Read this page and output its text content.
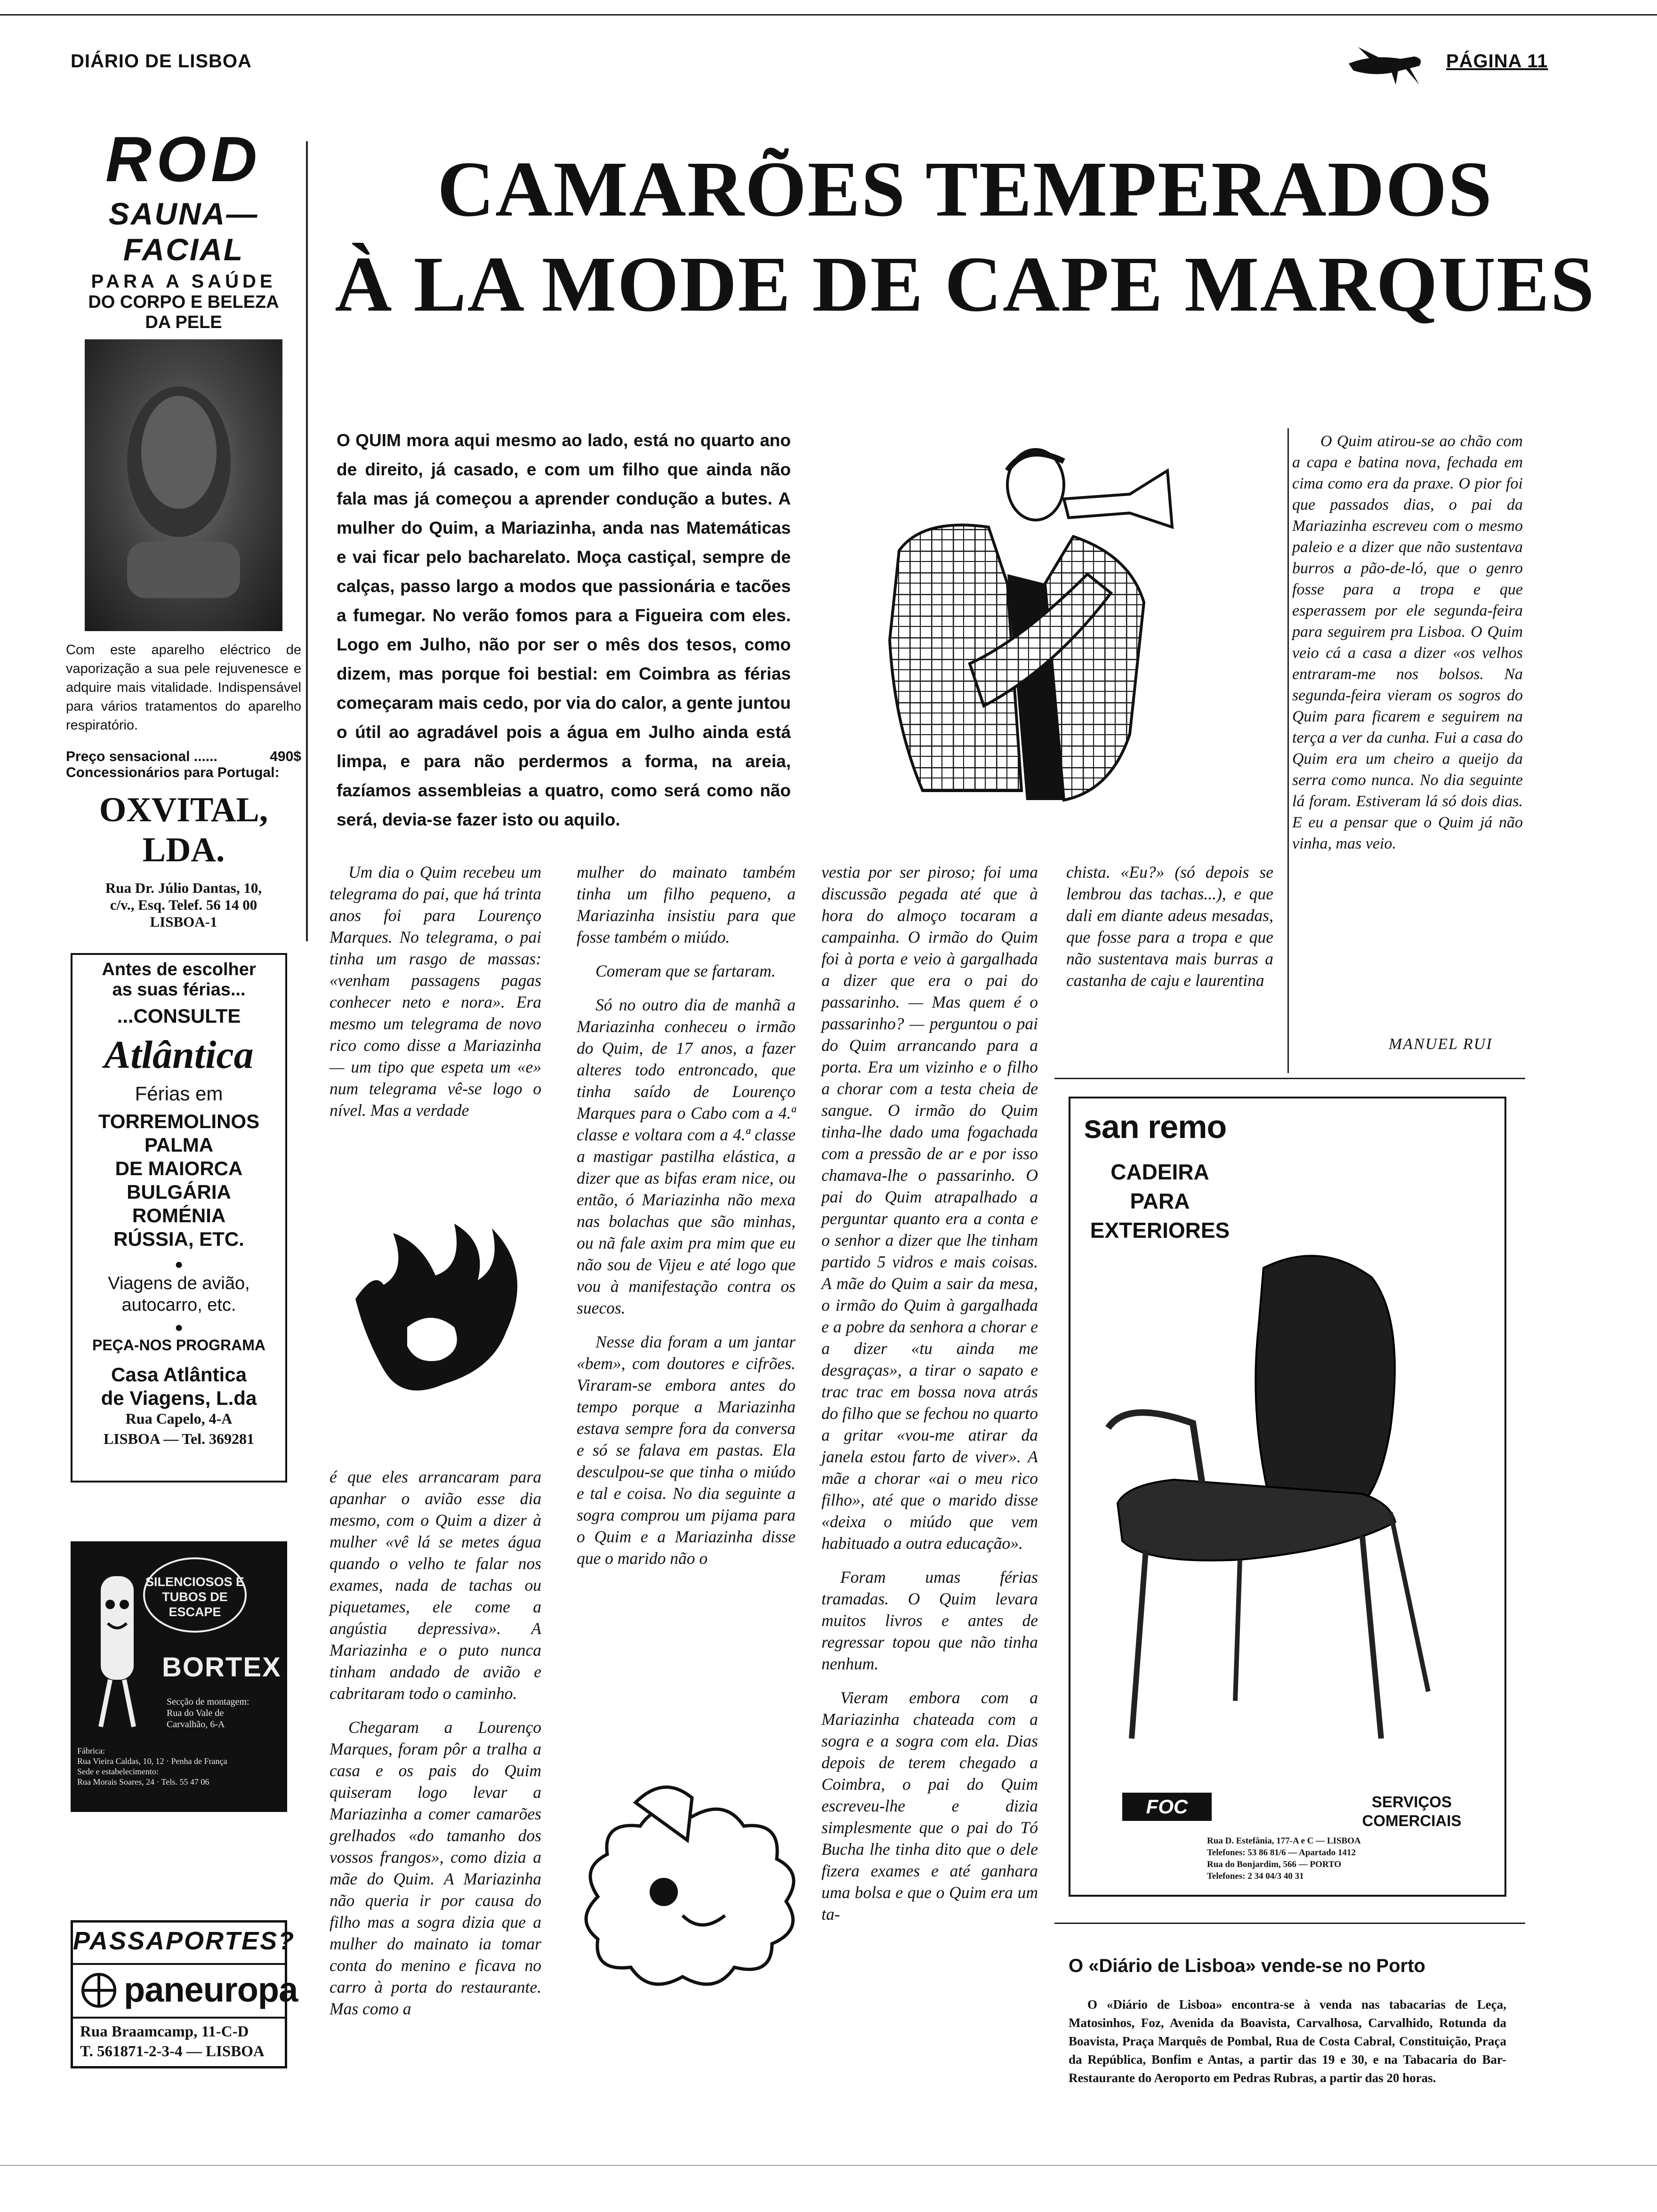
DIÁRIO DE LISBOA	PÁGINA 11
ROD
SAUNA—FACIAL
PARA A SAÚDE
DO CORPO E BELEZA
DA PELE
Com este aparelho eléctrico de vaporização a sua pele rejuvenesce e adquire mais vitalidade. Indispensável para vários tratamentos do aparelho respiratório.
Preço sensacional ......	490$
Concessionários para Portugal:
OXVITAL, LDA.
Rua Dr. Júlio Dantas, 10,
c/v., Esq. Telef. 56 14 00
LISBOA-1
Antes de escolher
as suas férias...
...CONSULTE
Atlântica
Férias em
TORREMOLINOS
PALMA
DE MAIORCA
BULGÁRIA
ROMÉNIA
RÚSSIA, ETC.
●
Viagens de avião, autocarro, etc.
●
PEÇA-NOS PROGRAMA
Casa Atlântica
de Viagens, L.da
Rua Capelo, 4-A
LISBOA — Tel. 369281
SILENCIOSOS E TUBOS DE ESCAPE
BORTEX
Secção de montagem:
Rua do Vale de
Carvalhão, 6-A
Fábrica:
Rua Vieira Caldas, 10, 12 · Penha de França
Sede e estabelecimento:
Rua Morais Soares, 24 · Tels. 55 47 06
PASSAPORTES?
paneuropa
Rua Braamcamp, 11-C-D
T. 561871-2-3-4 — LISBOA
CAMARÕES TEMPERADOS
À LA MODE DE CAPE MARQUES

O QUIM mora aqui mesmo ao lado, está no quarto ano de direito, já casado, e com um filho que ainda não fala mas já começou a aprender condução a butes. A mulher do Quim, a Mariazinha, anda nas Matemáticas e vai ficar pelo bacharelato. Moça castiçal, sempre de calças, passo largo a modos que passionária e tacões a fumegar. No verão fomos para a Figueira com eles. Logo em Julho, não por ser o mês dos tesos, como dizem, mas porque foi bestial: em Coimbra as férias começaram mais cedo, por via do calor, a gente juntou o útil ao agradável pois a água em Julho ainda está limpa, e para não perdermos a forma, na areia, fazíamos assembleias a quatro, como será como não será, devia-se fazer isto ou aquilo.

O Quim atirou-se ao chão com a capa e batina nova, fechada em cima como era da praxe. O pior foi que passados dias, o pai da Mariazinha escreveu com o mesmo paleio e a dizer que não sustentava burros a pão-de-ló, que o genro fosse para a tropa e que esperassem por ele segunda-feira para seguirem pra Lisboa. O Quim veio cá a casa a dizer «os velhos entraram-me nos bolsos. Na segunda-feira vieram os sogros do Quim para ficarem e seguirem na terça a ver da cunha. Fui a casa do Quim era um cheiro a queijo da serra como nunca. No dia seguinte lá foram. Estiveram lá só dois dias. E eu a pensar que o Quim já não vinha, mas veio.

Um dia o Quim recebeu um telegrama do pai, que há trinta anos foi para Lourenço Marques. No telegrama, o pai tinha um rasgo de massas: «venham passagens pagas conhecer neto e nora». Era mesmo um telegrama de novo rico como disse a Mariazinha — um tipo que espeta um «e» num telegrama vê-se logo o nível. Mas a verdade

é que eles arrancaram para apanhar o avião esse dia mesmo, com o Quim a dizer à mulher «vê lá se metes água quando o velho te falar nos exames, nada de tachas ou piquetames, ele come a angústia depressiva». A Mariazinha e o puto nunca tinham andado de avião e cabritaram todo o caminho.

Chegaram a Lourenço Marques, foram pôr a tralha a casa e os pais do Quim quiseram logo levar a Mariazinha a comer camarões grelhados «do tamanho dos vossos frangos», como dizia a mãe do Quim. A Mariazinha não queria ir por causa do filho mas a sogra dizia que a mulher do mainato ia tomar conta do menino e ficava no carro à porta do restaurante. Mas como a

mulher do mainato também tinha um filho pequeno, a Mariazinha insistiu para que fosse também o miúdo.

Comeram que se fartaram.

Só no outro dia de manhã a Mariazinha conheceu o irmão do Quim, de 17 anos, a fazer alteres todo entroncado, que tinha saído de Lourenço Marques para o Cabo com a 4.ª classe e voltara com a 4.ª classe a mastigar pastilha elástica, a dizer que as bifas eram nice, ou então, ó Mariazinha não mexa nas bolachas que são minhas, ou nã fale axim pra mim que eu não sou de Vijeu e até logo que vou à manifestação contra os suecos.

Nesse dia foram a um jantar «bem», com doutores e cifrões. Viraram-se embora antes do tempo porque a Mariazinha estava sempre fora da conversa e só se falava em pastas. Ela desculpou-se que tinha o miúdo e tal e coisa. No dia seguinte a sogra comprou um pijama para o Quim e a Mariazinha disse que o marido não o

vestia por ser piroso; foi uma discussão pegada até que à hora do almoço tocaram a campainha. O irmão do Quim foi à porta e veio à gargalhada a dizer que era o pai do passarinho. — Mas quem é o passarinho? — perguntou o pai do Quim arrancando para a porta. Era um vizinho e o filho a chorar com a testa cheia de sangue. O irmão do Quim tinha-lhe dado uma fogachada com a pressão de ar e por isso chamava-lhe o passarinho. O pai do Quim atrapalhado a perguntar quanto era a conta e o senhor a dizer que lhe tinham partido 5 vidros e mais coisas. A mãe do Quim a sair da mesa, o irmão do Quim à gargalhada e a pobre da senhora a chorar e a dizer «tu ainda me desgraças», a tirar o sapato e trac trac em bossa nova atrás do filho que se fechou no quarto a gritar «vou-me atirar da janela estou farto de viver». A mãe a chorar «ai o meu rico filho», até que o marido disse «deixa o miúdo que vem habituado a outra educação».

Foram umas férias tramadas. O Quim levara muitos livros e antes de regressar topou que não tinha nenhum.

Vieram embora com a Mariazinha chateada com a sogra e a sogra com ela. Dias depois de terem chegado a Coimbra, o pai do Quim escreveu-lhe e dizia simplesmente que o pai do Tó Bucha lhe tinha dito que o dele fizera exames e até ganhara uma bolsa e que o Quim era um ta-

chista. «Eu?» (só depois se lembrou das tachas...), e que dali em diante adeus mesadas, que fosse para a tropa e que não sustentava mais burras a castanha de caju e laurentina

MANUEL RUI
san remo
CADEIRA
PARA
EXTERIORES
FOC	SERVIÇOS
COMERCIAIS
Rua D. Estefânia, 177-A e C — LISBOA
Telefones: 53 86 81/6 — Apartado 1412
Rua do Bonjardim, 566 — PORTO
Telefones: 2 34 04/3 40 31
O «Diário de Lisboa» vende-se no Porto
O «Diário de Lisboa» encontra-se à venda nas tabacarias de Leça, Matosinhos, Foz, Avenida da Boavista, Carvalhosa, Carvalhido, Rotunda da Boavista, Praça Marquês de Pombal, Rua de Costa Cabral, Constituição, Praça da República, Bonfim e Antas, a partir das 19 e 30, e na Tabacaria do Bar-Restaurante do Aeroporto em Pedras Rubras, a partir das 20 horas.
